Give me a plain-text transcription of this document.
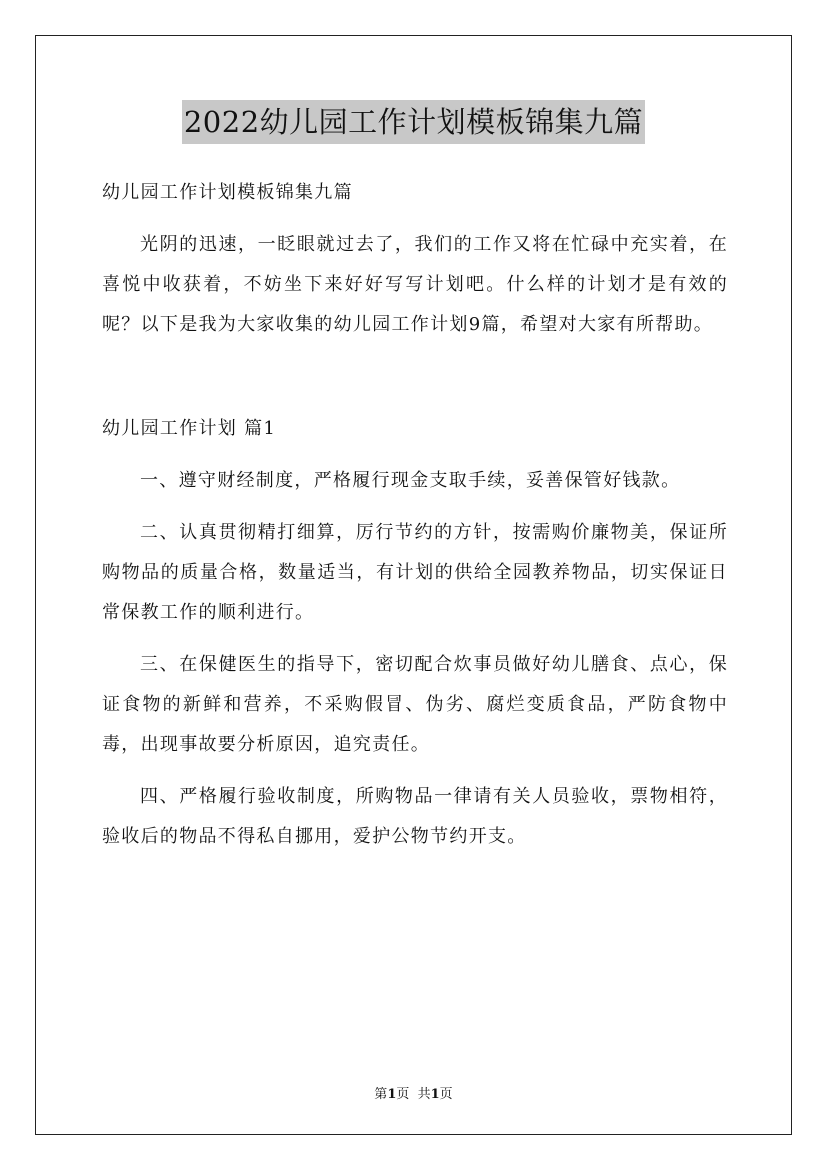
2022幼儿园工作计划模板锦集九篇

幼儿园工作计划模板锦集九篇

光阴的迅速，一眨眼就过去了，我们的工作又将在忙碌中充实着，在喜悦中收获着，不妨坐下来好好写写计划吧。什么样的计划才是有效的呢？以下是我为大家收集的幼儿园工作计划9篇，希望对大家有所帮助。

幼儿园工作计划 篇1

一、遵守财经制度，严格履行现金支取手续，妥善保管好钱款。

二、认真贯彻精打细算，厉行节约的方针，按需购价廉物美，保证所购物品的质量合格，数量适当，有计划的供给全园教养物品，切实保证日常保教工作的顺利进行。

三、在保健医生的指导下，密切配合炊事员做好幼儿膳食、点心，保证食物的新鲜和营养，不采购假冒、伪劣、腐烂变质食品，严防食物中毒，出现事故要分析原因，追究责任。

四、严格履行验收制度，所购物品一律请有关人员验收，票物相符，验收后的物品不得私自挪用，爱护公物节约开支。

第1页  共1页
